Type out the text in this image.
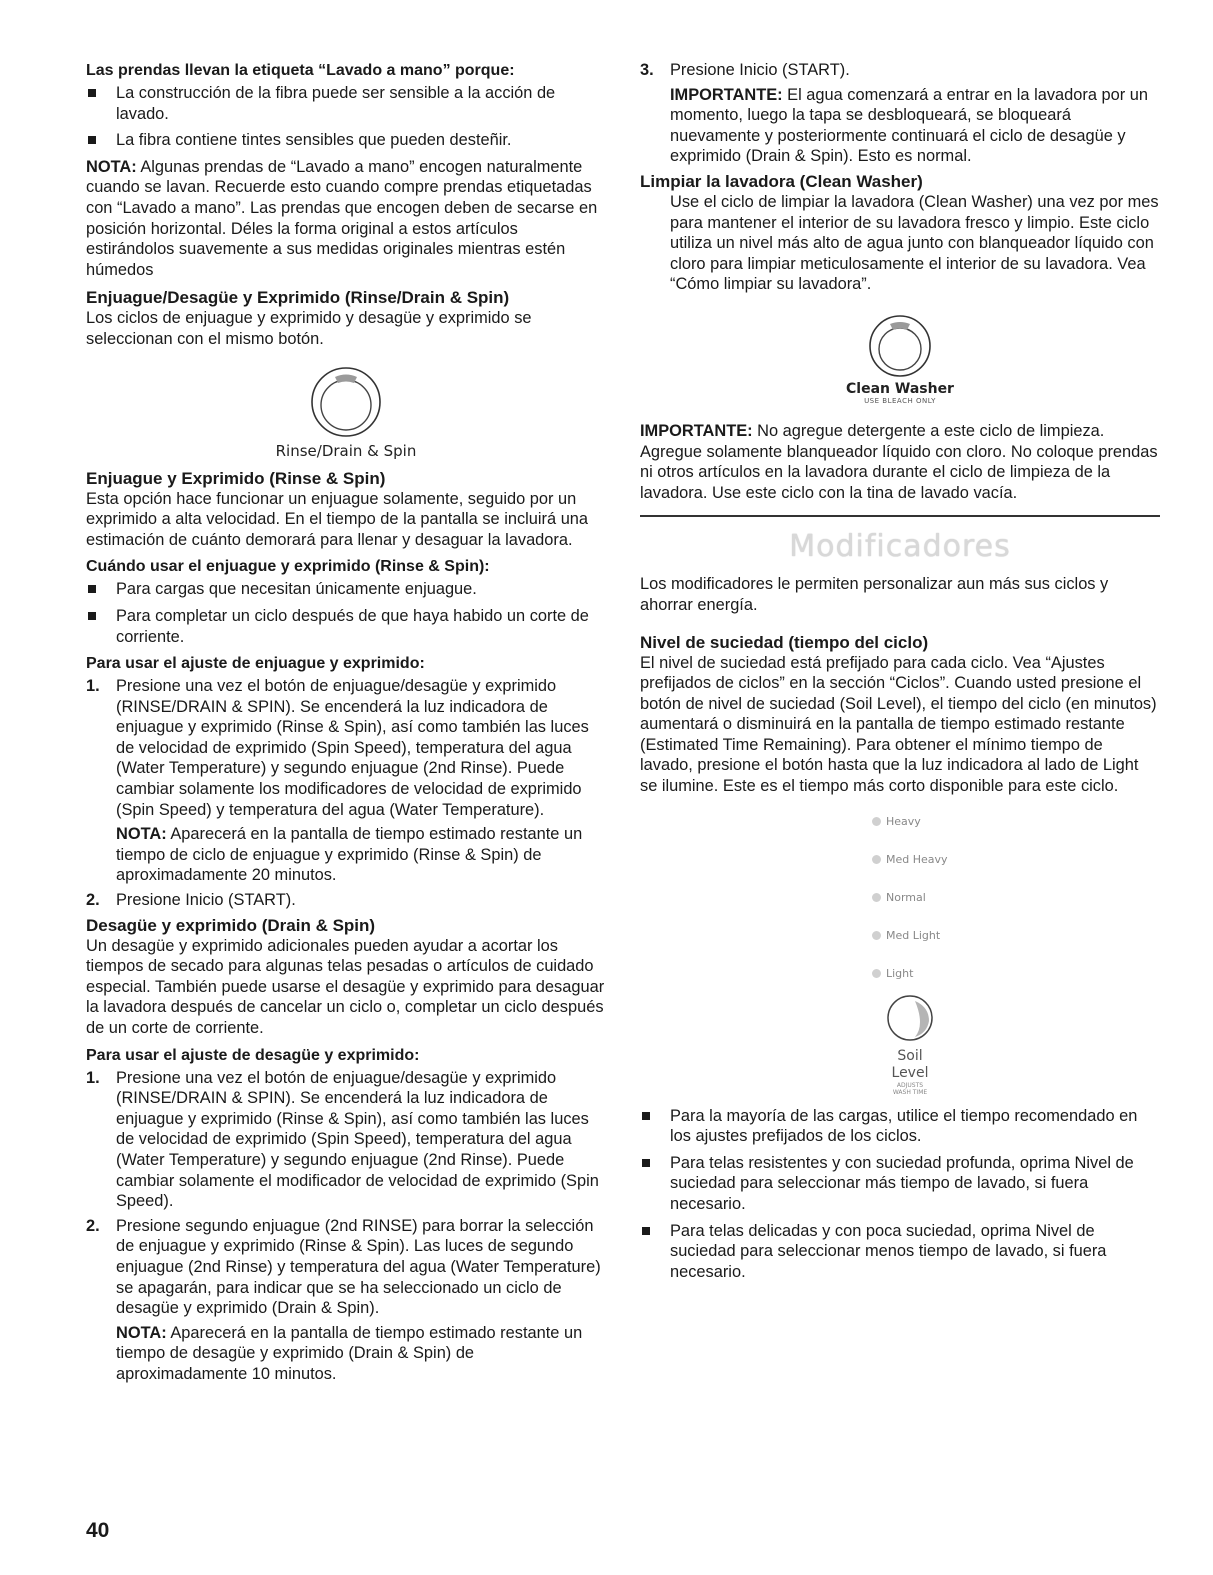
Las prendas llevan la etiqueta “Lavado a mano” porque:
La construcción de la fibra puede ser sensible a la acción de lavado.
La fibra contiene tintes sensibles que pueden desteñir.

NOTA: Algunas prendas de “Lavado a mano” encogen naturalmente cuando se lavan. Recuerde esto cuando compre prendas etiquetadas con “Lavado a mano”. Las prendas que encogen deben de secarse en posición horizontal. Déles la forma original a estos artículos estirándolos suavemente a sus medidas originales mientras estén húmedos

Enjuague/Desagüe y Exprimido (Rinse/Drain & Spin)

Los ciclos de enjuague y exprimido y desagüe y exprimido se seleccionan con el mismo botón.

Rinse/Drain & Spin
Enjuague y Exprimido (Rinse & Spin)

Esta opción hace funcionar un enjuague solamente, seguido por un exprimido a alta velocidad. En el tiempo de la pantalla se incluirá una estimación de cuánto demorará para llenar y desaguar la lavadora.

Cuándo usar el enjuague y exprimido (Rinse & Spin):
Para cargas que necesitan únicamente enjuague.
Para completar un ciclo después de que haya habido un corte de corriente.
Para usar el ajuste de enjuague y exprimido:
1. Presione una vez el botón de enjuague/desagüe y exprimido (RINSE/DRAIN & SPIN). Se encenderá la luz indicadora de enjuague y exprimido (Rinse & Spin), así como también las luces de velocidad de exprimido (Spin Speed), temperatura del agua (Water Temperature) y segundo enjuague (2nd Rinse). Puede cambiar solamente los modificadores de velocidad de exprimido (Spin Speed) y temperatura del agua (Water Temperature).

NOTA: Aparecerá en la pantalla de tiempo estimado restante un tiempo de ciclo de enjuague y exprimido (Rinse & Spin) de aproximadamente 20 minutos.

2. Presione Inicio (START).
Desagüe y exprimido (Drain & Spin)

Un desagüe y exprimido adicionales pueden ayudar a acortar los tiempos de secado para algunas telas pesadas o artículos de cuidado especial. También puede usarse el desagüe y exprimido para desaguar la lavadora después de cancelar un ciclo o, completar un ciclo después de un corte de corriente.

Para usar el ajuste de desagüe y exprimido:
1. Presione una vez el botón de enjuague/desagüe y exprimido (RINSE/DRAIN & SPIN). Se encenderá la luz indicadora de enjuague y exprimido (Rinse & Spin), así como también las luces de velocidad de exprimido (Spin Speed), temperatura del agua (Water Temperature) y segundo enjuague (2nd Rinse). Puede cambiar solamente el modificador de velocidad de exprimido (Spin Speed).
2. Presione segundo enjuague (2nd RINSE) para borrar la selección de enjuague y exprimido (Rinse & Spin). Las luces de segundo enjuague (2nd Rinse) y temperatura del agua (Water Temperature) se apagarán, para indicar que se ha seleccionado un ciclo de desagüe y exprimido (Drain & Spin).

NOTA: Aparecerá en la pantalla de tiempo estimado restante un tiempo de desagüe y exprimido (Drain & Spin) de aproximadamente 10 minutos.

3. Presione Inicio (START).

IMPORTANTE: El agua comenzará a entrar en la lavadora por un momento, luego la tapa se desbloqueará, se bloqueará nuevamente y posteriormente continuará el ciclo de desagüe y exprimido (Drain & Spin). Esto es normal.

Limpiar la lavadora (Clean Washer)

Use el ciclo de limpiar la lavadora (Clean Washer) una vez por mes para mantener el interior de su lavadora fresco y limpio. Este ciclo utiliza un nivel más alto de agua junto con blanqueador líquido con cloro para limpiar meticulosamente el interior de su lavadora. Vea “Cómo limpiar su lavadora”.

Clean Washer
USE BLEACH ONLY

IMPORTANTE: No agregue detergente a este ciclo de limpieza. Agregue solamente blanqueador líquido con cloro. No coloque prendas ni otros artículos en la lavadora durante el ciclo de limpieza de la lavadora. Use este ciclo con la tina de lavado vacía.

Modificadores

Los modificadores le permiten personalizar aun más sus ciclos y ahorrar energía.

Nivel de suciedad (tiempo del ciclo)

El nivel de suciedad está prefijado para cada ciclo. Vea “Ajustes prefijados de ciclos” en la sección “Ciclos”. Cuando usted presione el botón de nivel de suciedad (Soil Level), el tiempo del ciclo (en minutos) aumentará o disminuirá en la pantalla de tiempo estimado restante (Estimated Time Remaining). Para obtener el mínimo tiempo de lavado, presione el botón hasta que la luz indicadora al lado de Light se ilumine. Este es el tiempo más corto disponible para este ciclo.

Heavy
Med Heavy
Normal
Med Light
Light
Soil
Level
ADJUSTS
WASH TIME
Para la mayoría de las cargas, utilice el tiempo recomendado en los ajustes prefijados de los ciclos.
Para telas resistentes y con suciedad profunda, oprima Nivel de suciedad para seleccionar más tiempo de lavado, si fuera necesario.
Para telas delicadas y con poca suciedad, oprima Nivel de suciedad para seleccionar menos tiempo de lavado, si fuera necesario.
40
